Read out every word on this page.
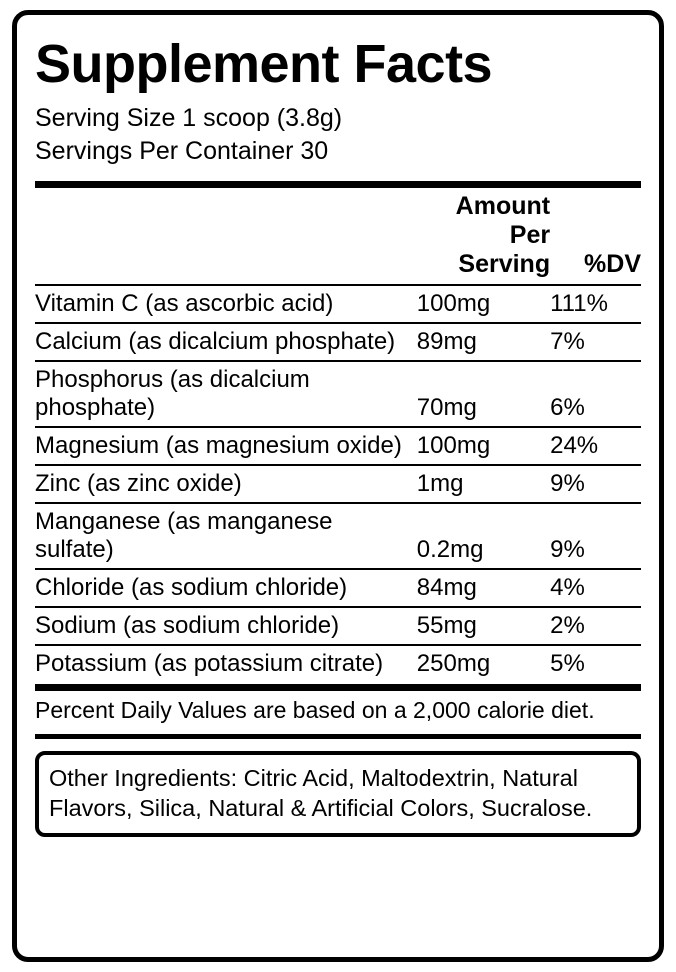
Supplement Facts
Serving Size 1 scoop (3.8g)
Servings Per Container 30
	Amount Per Serving	%DV
Vitamin C (as ascorbic acid)	100mg	111%
Calcium (as dicalcium phosphate)	89mg	7%
Phosphorus (as dicalcium phosphate)	70mg	6%
Magnesium (as magnesium oxide)	100mg	24%
Zinc (as zinc oxide)	1mg	9%
Manganese (as manganese sulfate)	0.2mg	9%
Chloride (as sodium chloride)	84mg	4%
Sodium (as sodium chloride)	55mg	2%
Potassium (as potassium citrate)	250mg	5%
Percent Daily Values are based on a 2,000 calorie diet.
Other Ingredients: Citric Acid, Maltodextrin, Natural Flavors, Silica, Natural & Artificial Colors, Sucralose.
